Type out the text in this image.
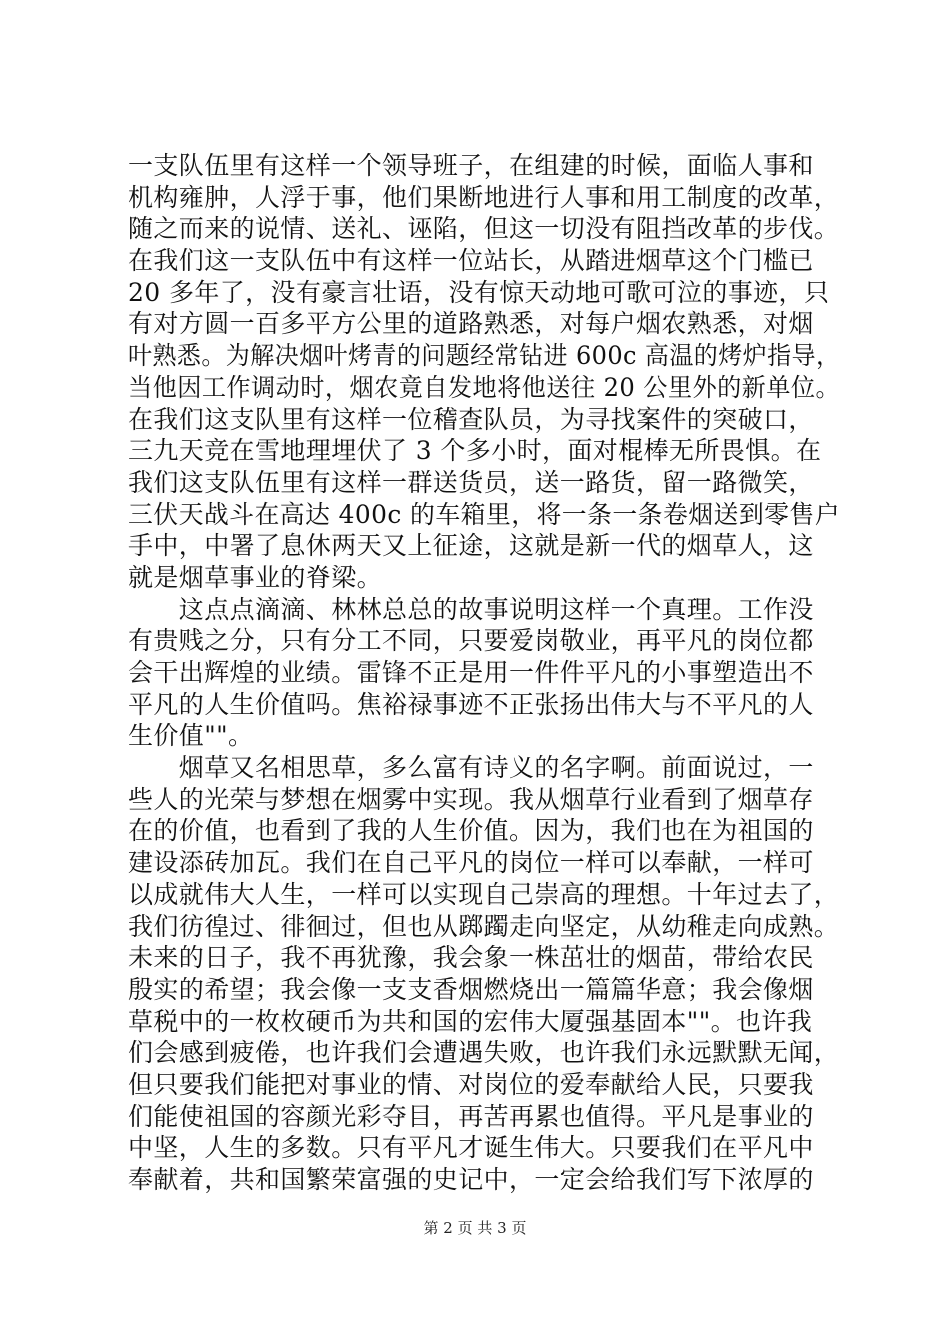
一支队伍里有这样一个领导班子，在组建的时候，面临人事和
机构雍肿，人浮于事，他们果断地进行人事和用工制度的改革，
随之而来的说情、送礼、诬陷，但这一切没有阻挡改革的步伐。
在我们这一支队伍中有这样一位站长，从踏进烟草这个门槛已
20 多年了，没有豪言壮语，没有惊天动地可歌可泣的事迹，只
有对方圆一百多平方公里的道路熟悉，对每户烟农熟悉，对烟
叶熟悉。为解决烟叶烤青的问题经常钻进 600c 高温的烤炉指导，
当他因工作调动时，烟农竟自发地将他送往 20 公里外的新单位。
在我们这支队里有这样一位稽查队员，为寻找案件的突破口，
三九天竞在雪地理埋伏了 3 个多小时，面对棍棒无所畏惧。在
我们这支队伍里有这样一群送货员，送一路货，留一路微笑，
三伏天战斗在高达 400c 的车箱里，将一条一条卷烟送到零售户
手中，中署了息休两天又上征途，这就是新一代的烟草人，这
就是烟草事业的脊梁。
　　这点点滴滴、林林总总的故事说明这样一个真理。工作没
有贵贱之分，只有分工不同，只要爱岗敬业，再平凡的岗位都
会干出辉煌的业绩。雷锋不正是用一件件平凡的小事塑造出不
平凡的人生价值吗。焦裕禄事迹不正张扬出伟大与不平凡的人
生价值""。
　　烟草又名相思草，多么富有诗义的名字啊。前面说过，一
些人的光荣与梦想在烟雾中实现。我从烟草行业看到了烟草存
在的价值，也看到了我的人生价值。因为，我们也在为祖国的
建设添砖加瓦。我们在自己平凡的岗位一样可以奉献，一样可
以成就伟大人生，一样可以实现自己崇高的理想。十年过去了，
我们彷徨过、徘徊过，但也从踯躅走向坚定，从幼稚走向成熟。
未来的日子，我不再犹豫，我会象一株茁壮的烟苗，带给农民
殷实的希望；我会像一支支香烟燃烧出一篇篇华意；我会像烟
草税中的一枚枚硬币为共和国的宏伟大厦强基固本""。也许我
们会感到疲倦，也许我们会遭遇失败，也许我们永远默默无闻，
但只要我们能把对事业的情、对岗位的爱奉献给人民，只要我
们能使祖国的容颜光彩夺目，再苦再累也值得。平凡是事业的
中坚，人生的多数。只有平凡才诞生伟大。只要我们在平凡中
奉献着，共和国繁荣富强的史记中，一定会给我们写下浓厚的
第 2 页 共 3 页
